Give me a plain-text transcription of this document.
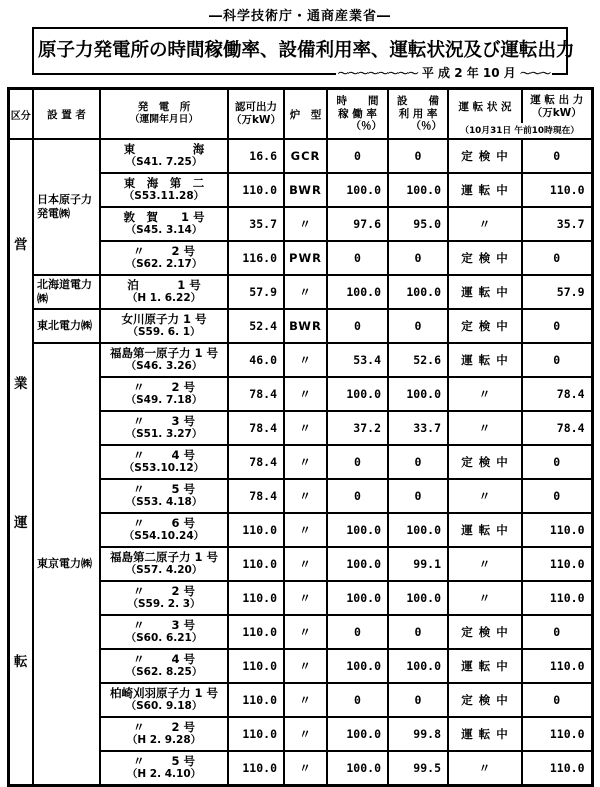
―科学技術庁・通商産業省―
原子力発電所の時間稼働率、設備利用率、運転状況及び運転出力
～～～～～～～～ 平 成 2 年 10 月 ～～～
区分	設 置 者	
発　電　所
（運開年月日）

認可出力
（万kW）	炉　型	
時　　間
稼 働 率
（％）

設　　備
利 用 率
（％）

運 転 状 況
運 転 出 力
（万kW）
（10月31日 午前10時現在）

営
業
運
転
	日本原子力発電㈱	
東　　　　　海
（S41. 7.25）	16.6	GCR	0	0	定 検 中	0

		東　海　第　二
（S53.11.28）	110.0	BWR	100.0	100.0	運 転 中	110.0

		敦　賀　　1 号
（S45. 3.14）	35.7	〃	97.6	95.0	〃	35.7

		〃　　 2 号
（S62. 2.17）	116.0	PWR	0	0	定 検 中	0
	北海道電力㈱	泊　　　 1 号
（H 1. 6.22）	57.9	〃	100.0	100.0	運 転 中	57.9
	東北電力㈱	女川原子力 1 号
（S59. 6. 1）	52.4	BWR	0	0	定 検 中	0
	東京電力㈱	福島第一原子力 1 号
（S46. 3.26）	46.0	〃	53.4	52.6	運 転 中	0

		〃　　 2 号
（S49. 7.18）	78.4	〃	100.0	100.0	〃	78.4

		〃　　 3 号
（S51. 3.27）	78.4	〃	37.2	33.7	〃	78.4

		〃　　 4 号
（S53.10.12）	78.4	〃	0	0	定 検 中	0

		〃　　 5 号
（S53. 4.18）	78.4	〃	0	0	〃	0

		〃　　 6 号
（S54.10.24）	110.0	〃	100.0	100.0	運 転 中	110.0

		福島第二原子力 1 号
（S57. 4.20）	110.0	〃	100.0	99.1	〃	110.0

		〃　　 2 号
（S59. 2. 3）	110.0	〃	100.0	100.0	〃	110.0

		〃　　 3 号
（S60. 6.21）	110.0	〃	0	0	定 検 中	0

		〃　　 4 号
（S62. 8.25）	110.0	〃	100.0	100.0	運 転 中	110.0

		柏崎刈羽原子力 1 号
（S60. 9.18）	110.0	〃	0	0	定 検 中	0

		〃　　 2 号
（H 2. 9.28）	110.0	〃	100.0	99.8	運 転 中	110.0

		〃　　 5 号
（H 2. 4.10）	110.0	〃	100.0	99.5	〃	110.0
